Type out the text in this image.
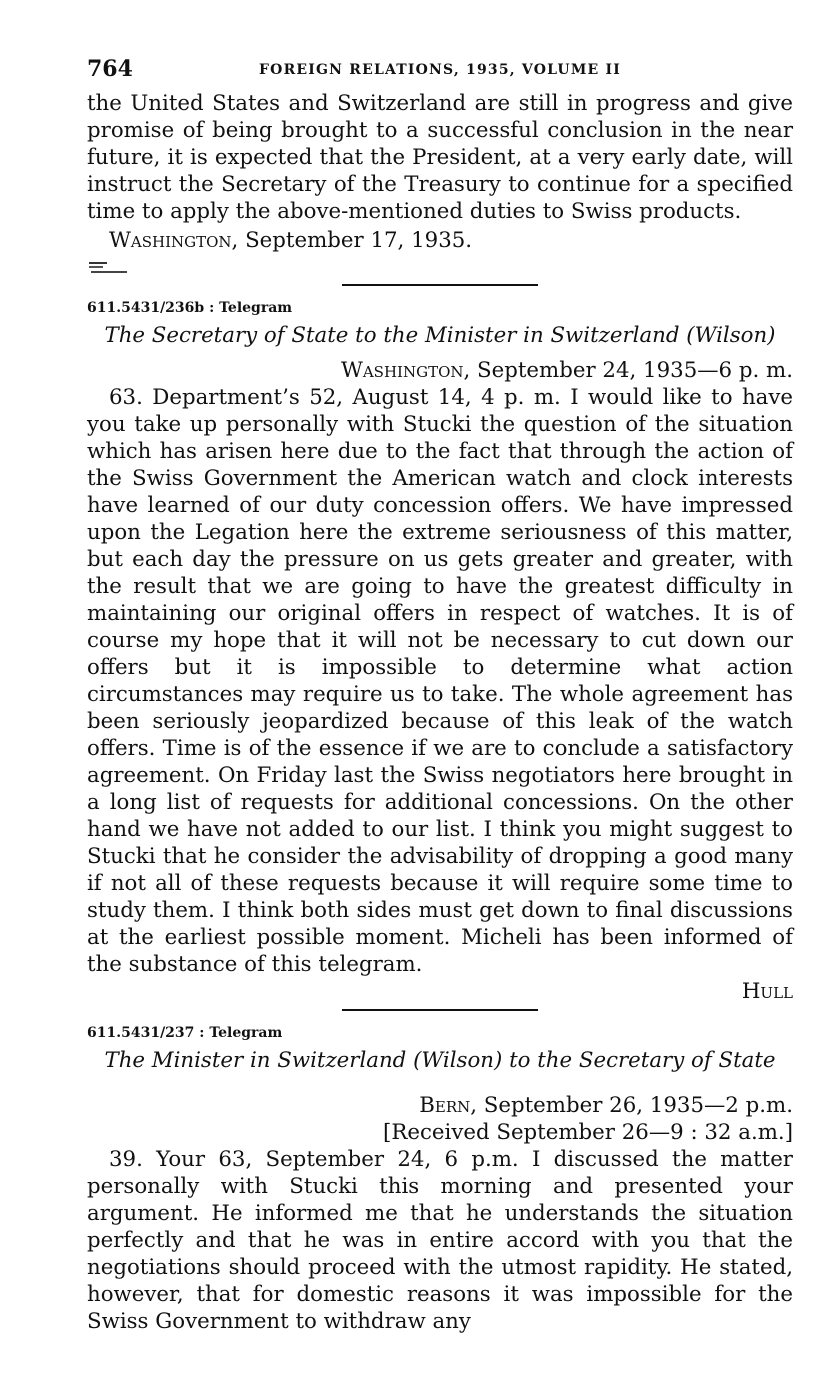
764	FOREIGN RELATIONS, 1935, VOLUME II

the United States and Switzerland are still in progress and give promise of being brought to a successful conclusion in the near future, it is expected that the President, at a very early date, will instruct the Secretary of the Treasury to continue for a specified time to apply the above-mentioned duties to Swiss products.

Washington, September 17, 1935.
611.5431/236b : Telegram
The Secretary of State to the Minister in Switzerland (Wilson)
Washington, September 24, 1935—6 p. m.

63. Department’s 52, August 14, 4 p. m. I would like to have you take up personally with Stucki the question of the situation which has arisen here due to the fact that through the action of the Swiss Government the American watch and clock interests have learned of our duty concession offers. We have impressed upon the Legation here the extreme seriousness of this matter, but each day the pressure on us gets greater and greater, with the result that we are going to have the greatest difficulty in maintaining our original offers in respect of watches. It is of course my hope that it will not be necessary to cut down our offers but it is impossible to determine what action circumstances may require us to take. The whole agreement has been seriously jeopardized because of this leak of the watch offers. Time is of the essence if we are to conclude a satisfactory agreement. On Friday last the Swiss negotiators here brought in a long list of requests for additional concessions. On the other hand we have not added to our list. I think you might suggest to Stucki that he consider the advisability of dropping a good many if not all of these requests because it will require some time to study them. I think both sides must get down to final discussions at the earliest possible moment. Micheli has been informed of the substance of this telegram.

Hull
611.5431/237 : Telegram
The Minister in Switzerland (Wilson) to the Secretary of State
Bern, September 26, 1935—2 p.m.
[Received September 26—9 : 32 a.m.]

39. Your 63, September 24, 6 p.m. I discussed the matter personally with Stucki this morning and presented your argument. He informed me that he understands the situation perfectly and that he was in entire accord with you that the negotiations should proceed with the utmost rapidity. He stated, however, that for domestic reasons it was impossible for the Swiss Government to withdraw any
